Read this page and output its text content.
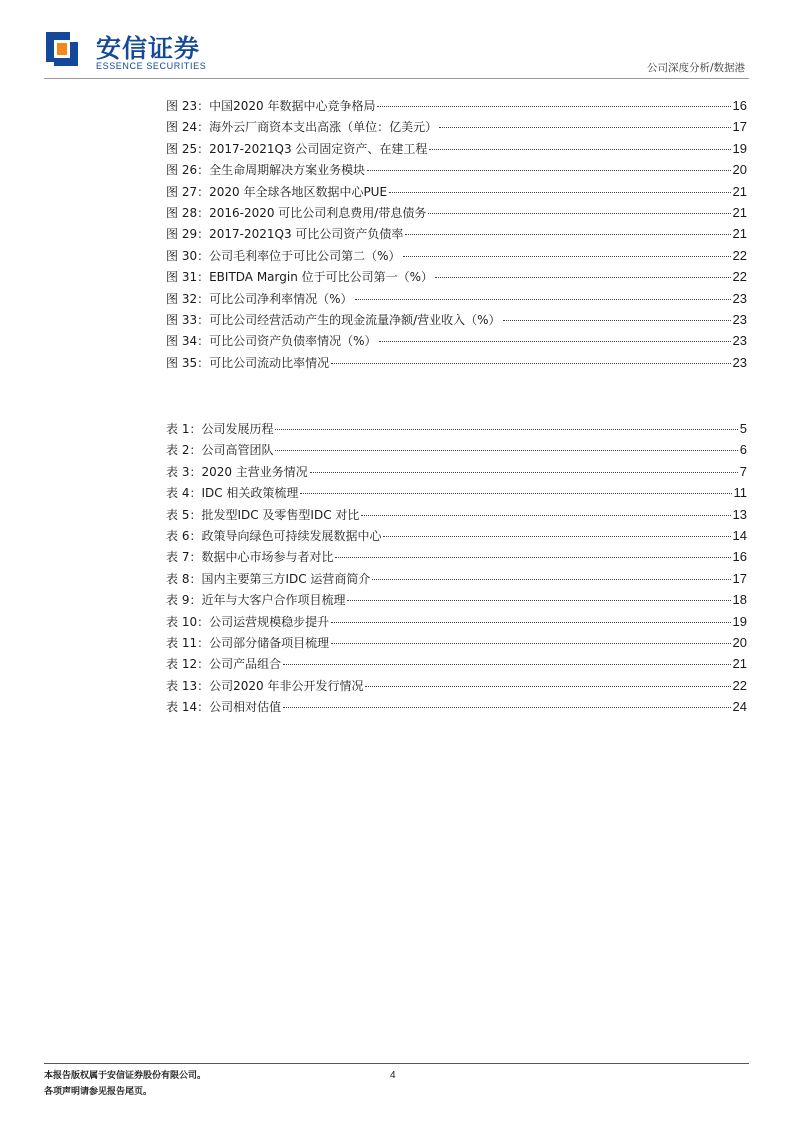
安信证券
ESSENCE SECURITIES	公司深度分析/数据港
图 23：中国2020 年数据中心竞争格局	16
图 24：海外云厂商资本支出高涨（单位：亿美元）	17
图 25：2017-2021Q3 公司固定资产、在建工程	19
图 26：全生命周期解决方案业务模块	20
图 27：2020 年全球各地区数据中心PUE	21
图 28：2016-2020 可比公司利息费用/带息债务	21
图 29：2017-2021Q3 可比公司资产负债率	21
图 30：公司毛利率位于可比公司第二（%）	22
图 31：EBITDA Margin 位于可比公司第一（%）	22
图 32：可比公司净利率情况（%）	23
图 33：可比公司经营活动产生的现金流量净额/营业收入（%）	23
图 34：可比公司资产负债率情况（%）	23
图 35：可比公司流动比率情况	23
表 1：公司发展历程	5
表 2：公司高管团队	6
表 3：2020 主营业务情况	7
表 4：IDC 相关政策梳理	11
表 5：批发型IDC 及零售型IDC 对比	13
表 6：政策导向绿色可持续发展数据中心	14
表 7：数据中心市场参与者对比	16
表 8：国内主要第三方IDC 运营商简介	17
表 9：近年与大客户合作项目梳理	18
表 10：公司运营规模稳步提升	19
表 11：公司部分储备项目梳理	20
表 12：公司产品组合	21
表 13：公司2020 年非公开发行情况	22
表 14：公司相对估值	24
本报告版权属于安信证券股份有限公司。
各项声明请参见报告尾页。
4
